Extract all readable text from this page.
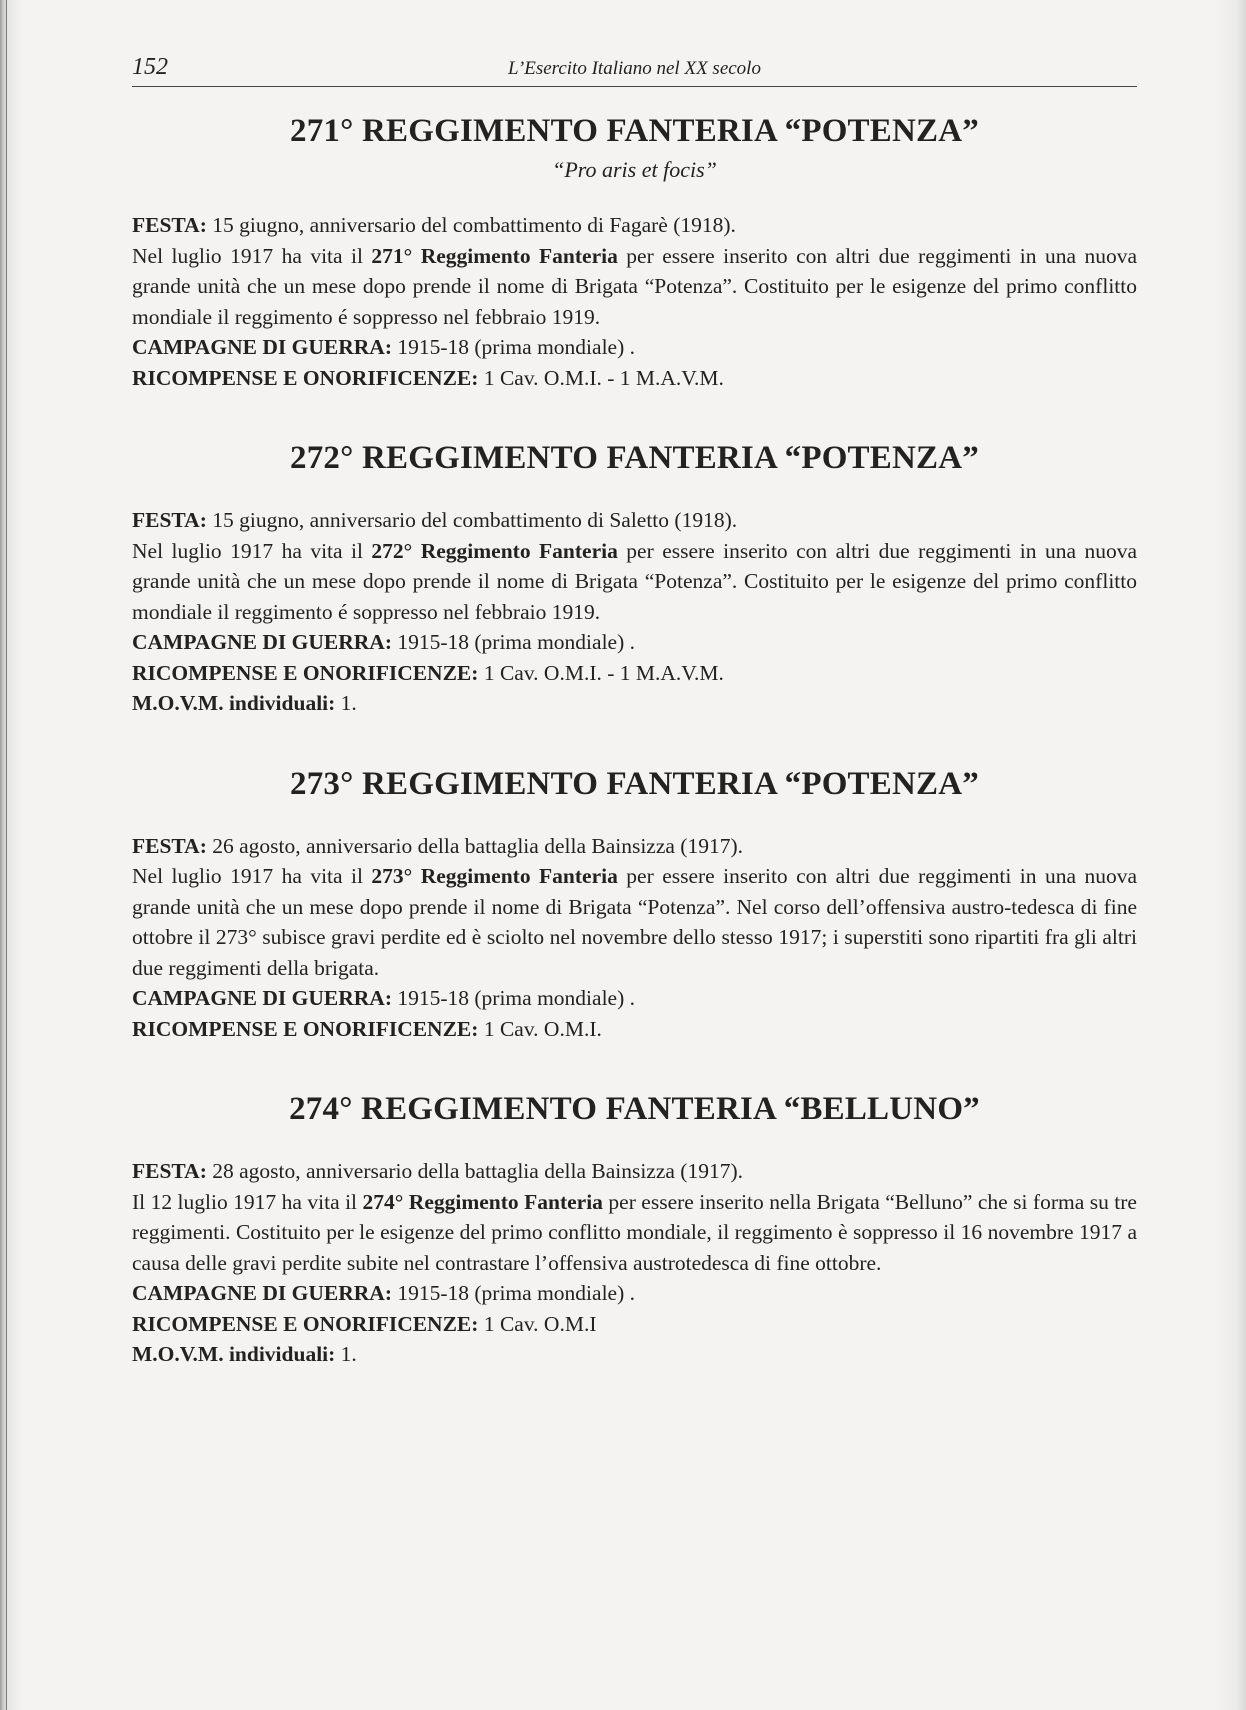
152	L’Esercito Italiano nel XX secolo
271° REGGIMENTO FANTERIA “POTENZA”
“Pro aris et focis”
FESTA: 15 giugno, anniversario del combattimento di Fagarè (1918).
Nel luglio 1917 ha vita il 271° Reggimento Fanteria per essere inserito con altri due reggimenti in una nuova grande unità che un mese dopo prende il nome di Brigata “Potenza”. Costituito per le esigenze del primo conflitto mondiale il reggimento é soppresso nel febbraio 1919.
CAMPAGNE DI GUERRA: 1915-18 (prima mondiale) .
RICOMPENSE E ONORIFICENZE: 1 Cav. O.M.I. - 1 M.A.V.M.
272° REGGIMENTO FANTERIA “POTENZA”
FESTA: 15 giugno, anniversario del combattimento di Saletto (1918).
Nel luglio 1917 ha vita il 272° Reggimento Fanteria per essere inserito con altri due reggimenti in una nuova grande unità che un mese dopo prende il nome di Brigata “Potenza”. Costituito per le esigenze del primo conflitto mondiale il reggimento é soppresso nel febbraio 1919.
CAMPAGNE DI GUERRA: 1915-18 (prima mondiale) .
RICOMPENSE E ONORIFICENZE: 1 Cav. O.M.I. - 1 M.A.V.M.
M.O.V.M. individuali: 1.
273° REGGIMENTO FANTERIA “POTENZA”
FESTA: 26 agosto, anniversario della battaglia della Bainsizza (1917).
Nel luglio 1917 ha vita il 273° Reggimento Fanteria per essere inserito con altri due reggimenti in una nuova grande unità che un mese dopo prende il nome di Brigata “Potenza”. Nel corso dell’offensiva austro-tedesca di fine ottobre il 273° subisce gravi perdite ed è sciolto nel novembre dello stesso 1917; i superstiti sono ripartiti fra gli altri due reggimenti della brigata.
CAMPAGNE DI GUERRA: 1915-18 (prima mondiale) .
RICOMPENSE E ONORIFICENZE: 1 Cav. O.M.I.
274° REGGIMENTO FANTERIA “BELLUNO”
FESTA: 28 agosto, anniversario della battaglia della Bainsizza (1917).
Il 12 luglio 1917 ha vita il 274° Reggimento Fanteria per essere inserito nella Brigata “Belluno” che si forma su tre reggimenti. Costituito per le esigenze del primo conflitto mondiale, il reggimento è soppresso il 16 novembre 1917 a causa delle gravi perdite subite nel contrastare l’offensiva austrotedesca di fine ottobre.
CAMPAGNE DI GUERRA: 1915-18 (prima mondiale) .
RICOMPENSE E ONORIFICENZE: 1 Cav. O.M.I
M.O.V.M. individuali: 1.
